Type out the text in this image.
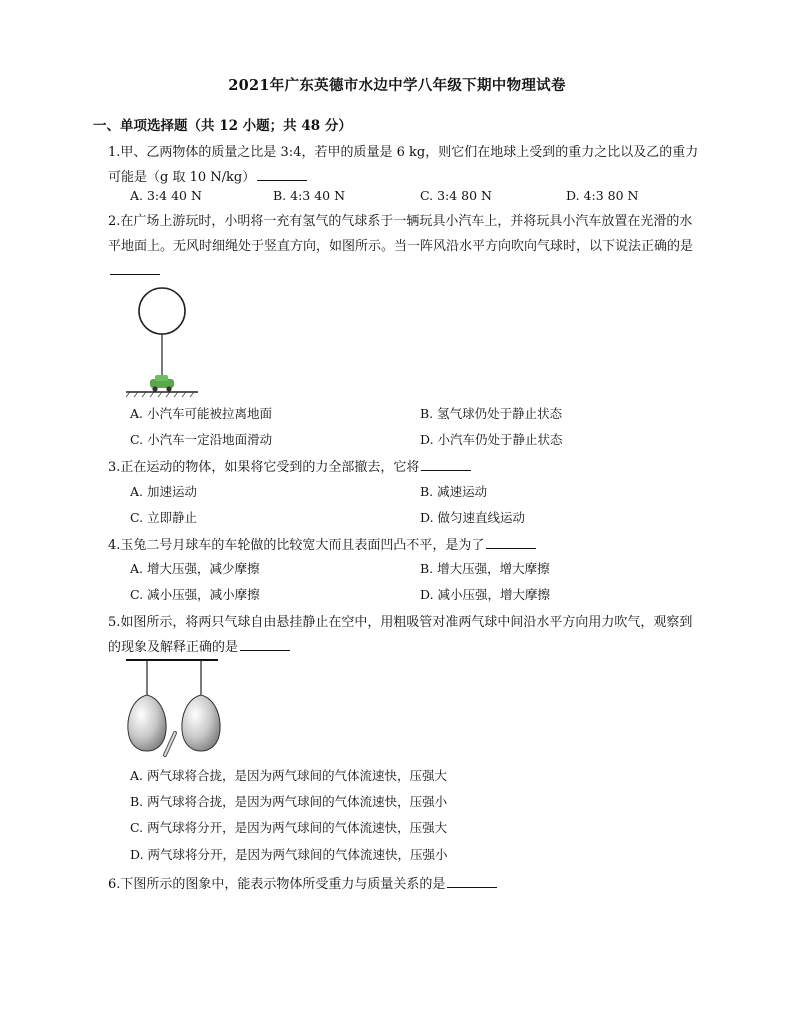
2021年广东英德市水边中学八年级下期中物理试卷
一、单项选择题（共 12 小题；共 48 分）
1.甲、乙两物体的质量之比是 3:4，若甲的质量是 6 kg，则它们在地球上受到的重力之比以及乙的重力可能是（g 取 10 N/kg）
A. 3:4 40 N	B. 4:3 40 N	C. 3:4 80 N	D. 4:3 80 N
2.在广场上游玩时，小明将一充有氢气的气球系于一辆玩具小汽车上，并将玩具小汽车放置在光滑的水平地面上。无风时细绳处于竖直方向，如图所示。当一阵风沿水平方向吹向气球时，以下说法正确的是
A. 小汽车可能被拉离地面	B. 氢气球仍处于静止状态
C. 小汽车一定沿地面滑动	D. 小汽车仍处于静止状态
3.正在运动的物体，如果将它受到的力全部撤去，它将
A. 加速运动	B. 减速运动
C. 立即静止	D. 做匀速直线运动
4.玉兔二号月球车的车轮做的比较宽大而且表面凹凸不平，是为了
A. 增大压强，减少摩擦	B. 增大压强，增大摩擦
C. 减小压强，减小摩擦	D. 减小压强，增大摩擦
5.如图所示，将两只气球自由悬挂静止在空中，用粗吸管对准两气球中间沿水平方向用力吹气，观察到的现象及解释正确的是
A. 两气球将合拢，是因为两气球间的气体流速快，压强大
B. 两气球将合拢，是因为两气球间的气体流速快，压强小
C. 两气球将分开，是因为两气球间的气体流速快，压强大
D. 两气球将分开，是因为两气球间的气体流速快，压强小
6.下图所示的图象中，能表示物体所受重力与质量关系的是
